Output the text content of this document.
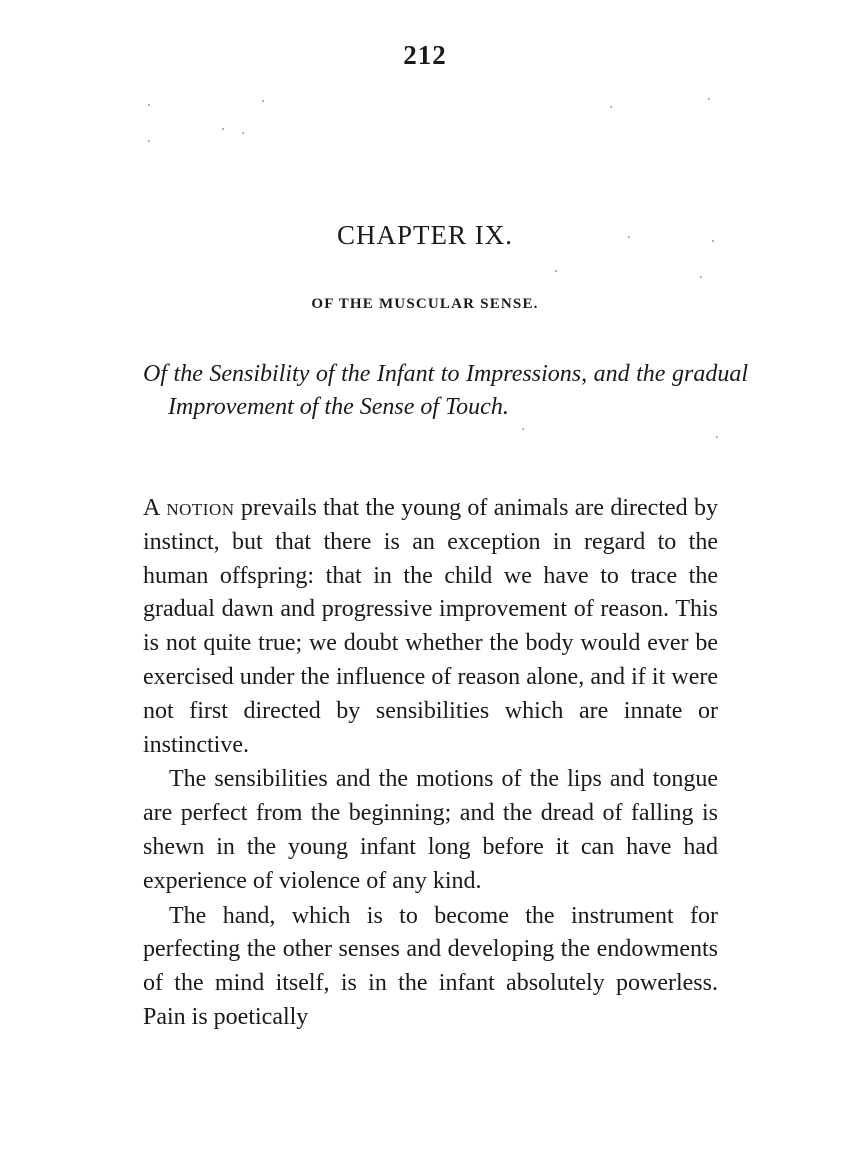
212
CHAPTER IX.
OF THE MUSCULAR SENSE.
Of the Sensibility of the Infant to Impressions, and the gradual Improvement of the Sense of Touch.

A notion prevails that the young of animals are directed by instinct, but that there is an exception in regard to the human offspring: that in the child we have to trace the gradual dawn and progressive improvement of reason. This is not quite true; we doubt whether the body would ever be exercised under the influence of reason alone, and if it were not first directed by sensibilities which are innate or instinctive.

The sensibilities and the motions of the lips and tongue are perfect from the beginning; and the dread of falling is shewn in the young infant long before it can have had experience of violence of any kind.

The hand, which is to become the instrument for perfecting the other senses and developing the endowments of the mind itself, is in the infant absolutely powerless. Pain is poetically
